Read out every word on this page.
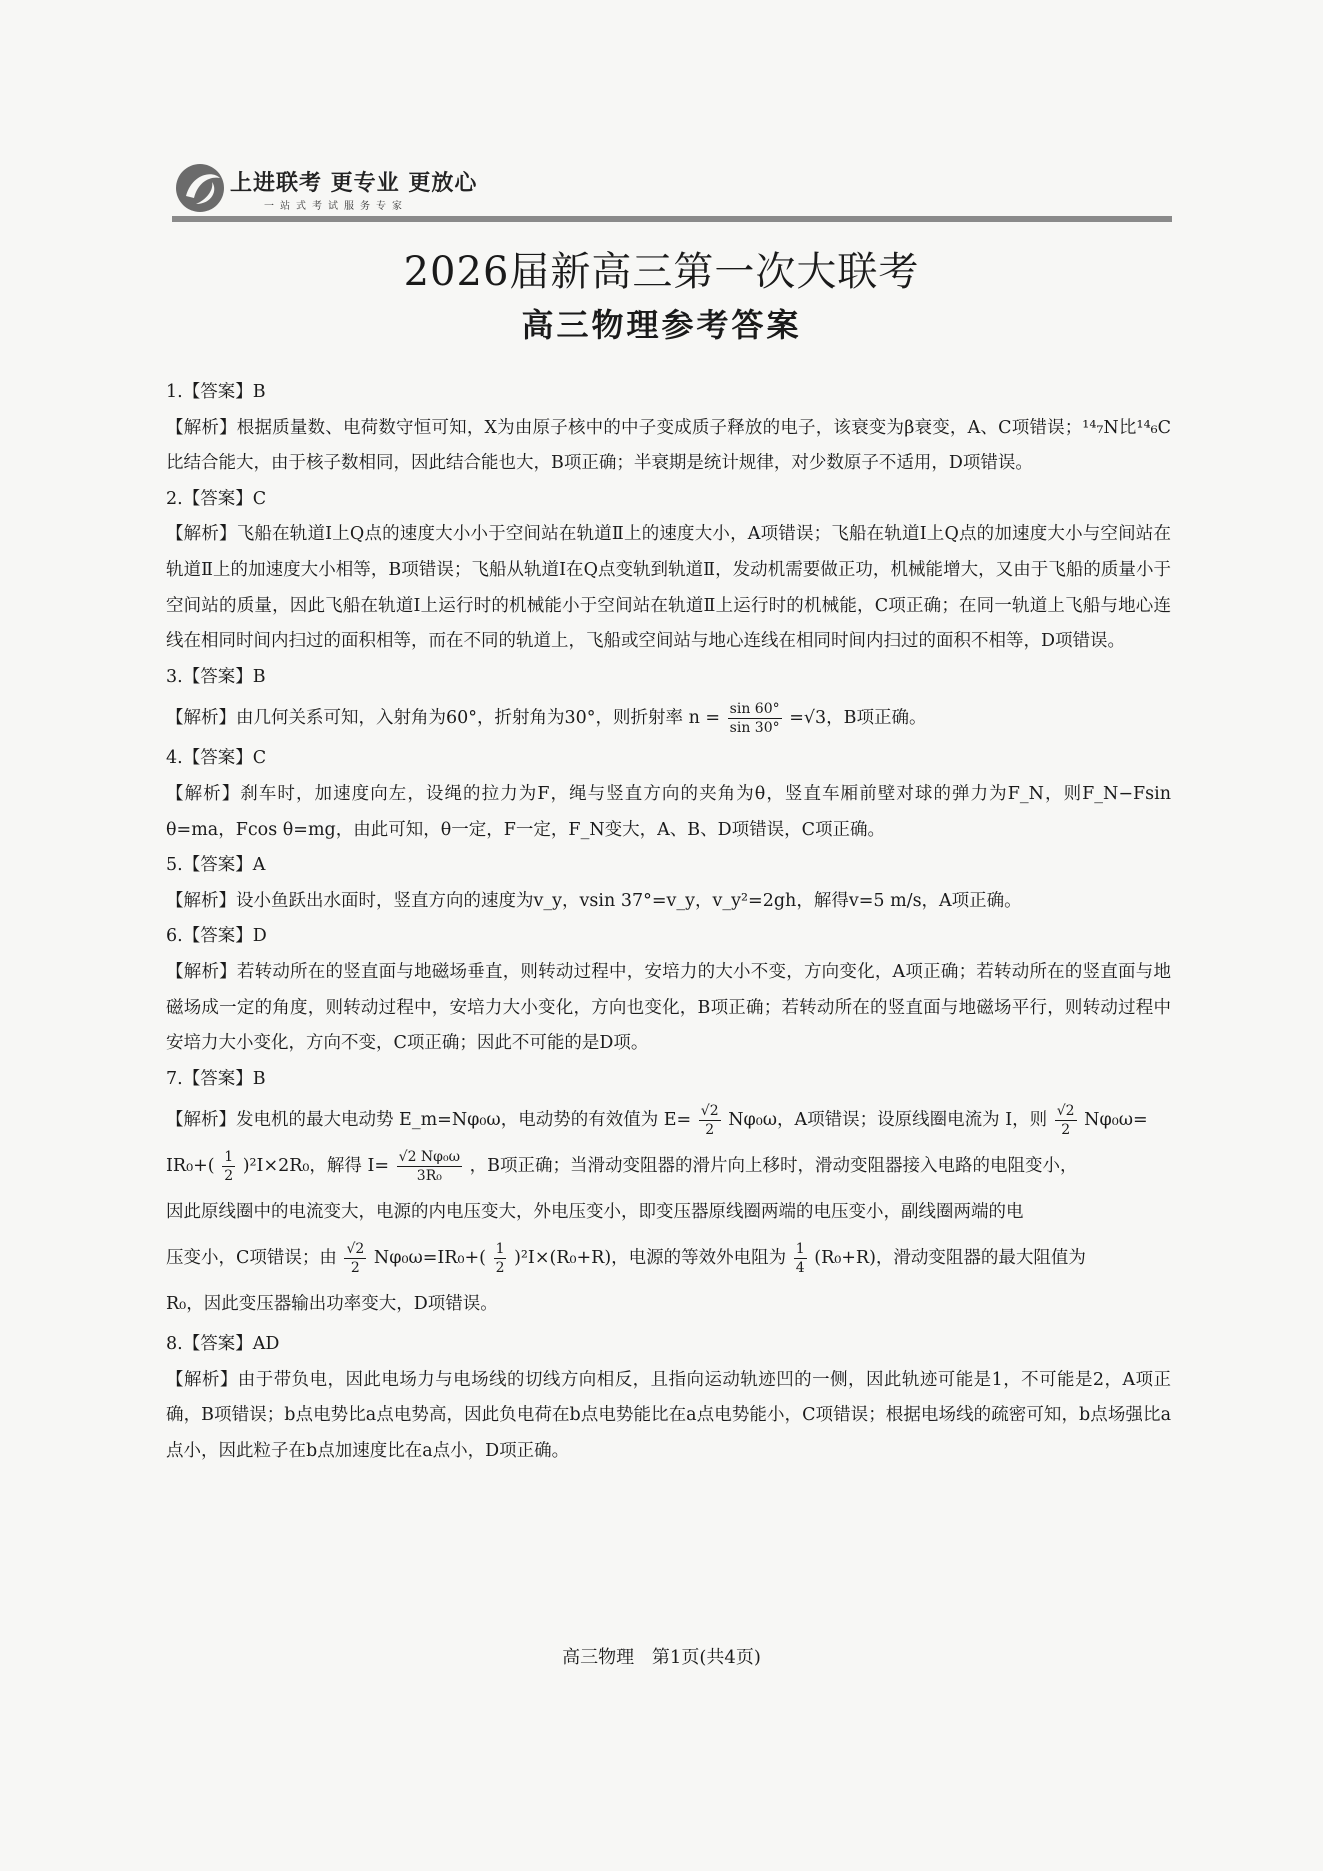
上进联考 更专业 更放心
一站式考试服务专家
2026届新高三第一次大联考
高三物理参考答案
1.【答案】B
【解析】根据质量数、电荷数守恒可知，X为由原子核中的中子变成质子释放的电子，该衰变为β衰变，A、C项错误；¹⁴₇N比¹⁴₆C比结合能大，由于核子数相同，因此结合能也大，B项正确；半衰期是统计规律，对少数原子不适用，D项错误。
2.【答案】C
【解析】飞船在轨道Ⅰ上Q点的速度大小小于空间站在轨道Ⅱ上的速度大小，A项错误；飞船在轨道Ⅰ上Q点的加速度大小与空间站在轨道Ⅱ上的加速度大小相等，B项错误；飞船从轨道Ⅰ在Q点变轨到轨道Ⅱ，发动机需要做正功，机械能增大，又由于飞船的质量小于空间站的质量，因此飞船在轨道Ⅰ上运行时的机械能小于空间站在轨道Ⅱ上运行时的机械能，C项正确；在同一轨道上飞船与地心连线在相同时间内扫过的面积相等，而在不同的轨道上，飞船或空间站与地心连线在相同时间内扫过的面积不相等，D项错误。
3.【答案】B
【解析】由几何关系可知，入射角为60°，折射角为30°，则折射率 $n = \frac{\sin 60^\circ}{\sin 30^\circ} =√3$，B项正确。
4.【答案】C
【解析】刹车时，加速度向左，设绳的拉力为F，绳与竖直方向的夹角为θ，竖直车厢前壁对球的弹力为F_N，则F_N−Fsin θ=ma，Fcos θ=mg，由此可知，θ一定，F一定，F_N变大，A、B、D项错误，C项正确。
5.【答案】A
【解析】设小鱼跃出水面时，竖直方向的速度为v_y，vsin 37°=v_y，v_y²=2gh，解得v=5 m/s，A项正确。
6.【答案】D
【解析】若转动所在的竖直面与地磁场垂直，则转动过程中，安培力的大小不变，方向变化，A项正确；若转动所在的竖直面与地磁场成一定的角度，则转动过程中，安培力大小变化，方向也变化，B项正确；若转动所在的竖直面与地磁场平行，则转动过程中安培力大小变化，方向不变，C项正确；因此不可能的是D项。
7.【答案】B
【解析】发电机的最大电动势 E_m=Nφ₀ω，电动势的有效值为 $E= \frac{√2}{2} N\varphi_0\omega$，A项错误；设原线圈电流为 I，则 $\frac{√2}{2} N\varphi_0\omega=$
$IR_0+( \frac{1}{2} )^2I\times 2R_0$，解得 $I= \frac{\text{√2 Nφ₀ω}}{\text{3R₀}}$ ，B项正确；当滑动变阻器的滑片向上移时，滑动变阻器接入电路的电阻变小，
因此原线圈中的电流变大，电源的内电压变大，外电压变小，即变压器原线圈两端的电压变小，副线圈两端的电
压变小，C项错误；由 $\frac{√2}{2} N\varphi_0\omega=IR_0+( \frac{1}{2} )^2I\times(R_0+R)$，电源的等效外电阻为 $\frac{1}{4} (R_0+R)$，滑动变阻器的最大阻值为
R₀，因此变压器输出功率变大，D项错误。
8.【答案】AD
【解析】由于带负电，因此电场力与电场线的切线方向相反，且指向运动轨迹凹的一侧，因此轨迹可能是1，不可能是2，A项正确，B项错误；b点电势比a点电势高，因此负电荷在b点电势能比在a点电势能小，C项错误；根据电场线的疏密可知，b点场强比a点小，因此粒子在b点加速度比在a点小，D项正确。
高三物理 第1页(共4页)
